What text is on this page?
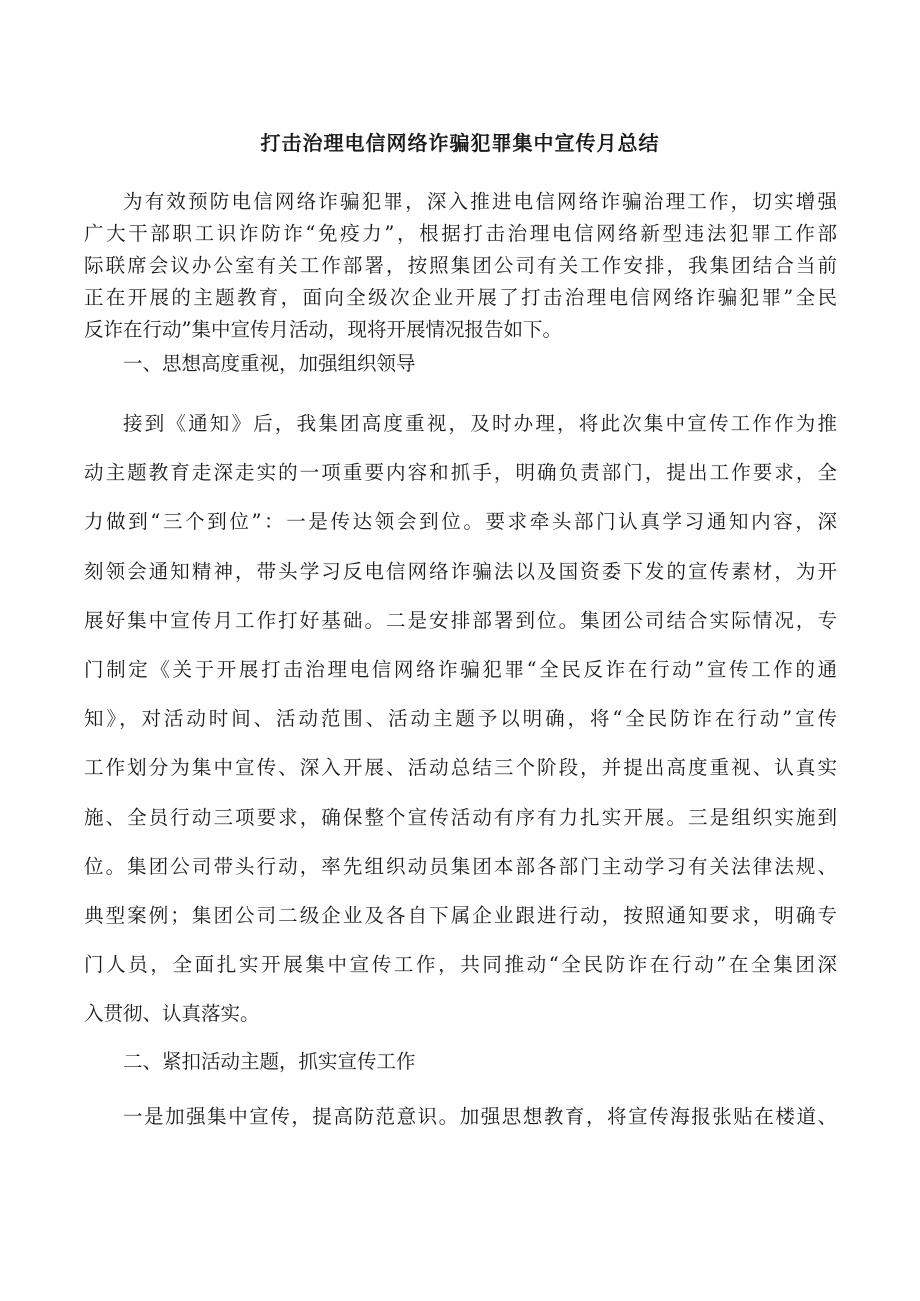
打击治理电信网络诈骗犯罪集中宣传月总结
为有效预防电信网络诈骗犯罪，深入推进电信网络诈骗治理工作，切实增强
广大干部职工识诈防诈“免疫力”，根据打击治理电信网络新型违法犯罪工作部
际联席会议办公室有关工作部署，按照集团公司有关工作安排，我集团结合当前
正在开展的主题教育，面向全级次企业开展了打击治理电信网络诈骗犯罪”全民
反诈在行动”集中宣传月活动，现将开展情况报告如下。
一、思想高度重视，加强组织领导
接到《通知》后，我集团高度重视，及时办理，将此次集中宣传工作作为推
动主题教育走深走实的一项重要内容和抓手，明确负责部门，提出工作要求，全
力做到“三个到位”：一是传达领会到位。要求牵头部门认真学习通知内容，深
刻领会通知精神，带头学习反电信网络诈骗法以及国资委下发的宣传素材，为开
展好集中宣传月工作打好基础。二是安排部署到位。集团公司结合实际情况，专
门制定《关于开展打击治理电信网络诈骗犯罪“全民反诈在行动”宣传工作的通
知》，对活动时间、活动范围、活动主题予以明确，将“全民防诈在行动”宣传
工作划分为集中宣传、深入开展、活动总结三个阶段，并提出高度重视、认真实
施、全员行动三项要求，确保整个宣传活动有序有力扎实开展。三是组织实施到
位。集团公司带头行动，率先组织动员集团本部各部门主动学习有关法律法规、
典型案例；集团公司二级企业及各自下属企业跟进行动，按照通知要求，明确专
门人员，全面扎实开展集中宣传工作，共同推动“全民防诈在行动”在全集团深
入贯彻、认真落实。
二、紧扣活动主题，抓实宣传工作
一是加强集中宣传，提高防范意识。加强思想教育，将宣传海报张贴在楼道、
